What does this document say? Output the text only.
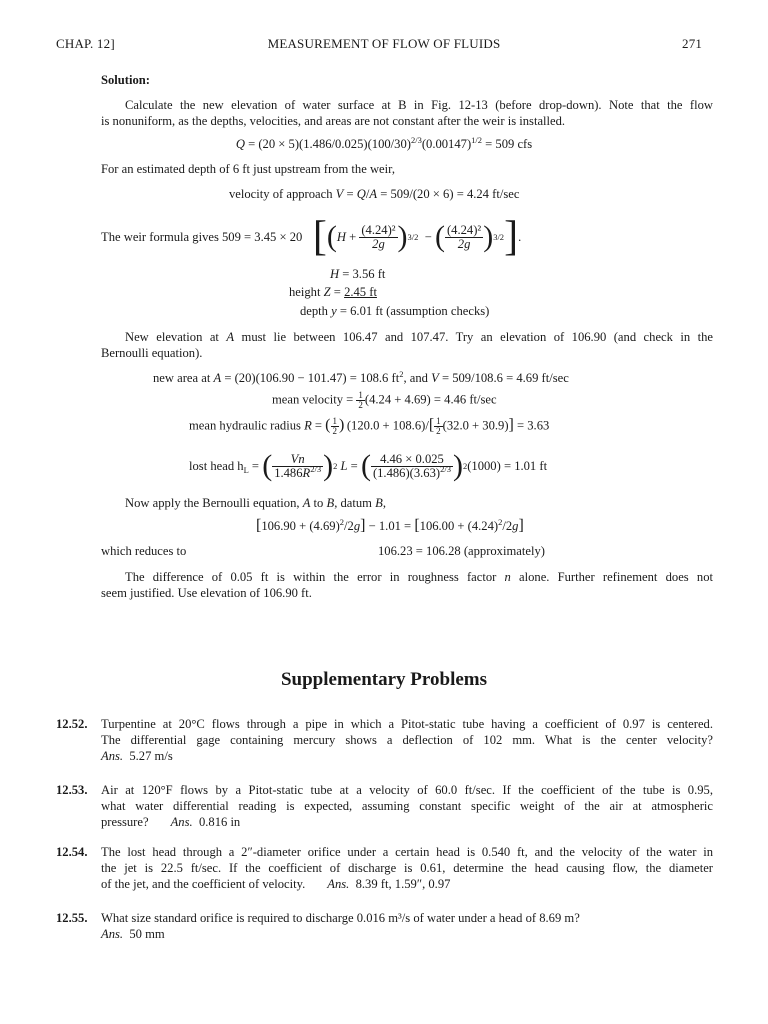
CHAP. 12]	MEASUREMENT OF FLOW OF FLUIDS	271
Solution:
Calculate the new elevation of water surface at B in Fig. 12-13 (before drop-down). Note that the flow
is nonuniform, as the depths, velocities, and areas are not constant after the weir is installed.
$Q = (20 \times 5)(1.486/0.025)(100/30)^{2/3}(0.00147)^{1/2} = 509$ cfs
For an estimated depth of 6 ft just upstream from the weir,
velocity of approach V = Q/A = 509/(20 × 6) = 4.24 ft/sec
The weir formula gives 509 = 3.45 × 20 [ ( $H + \frac{\text{(4.24)²}}{2g}$ ) 3/2 − ( $\frac{\text{(4.24)²}}{2g}$ ) 3/2 ] .
H = 3.56 ft
height Z = 2.45 ft
depth y = 6.01 ft (assumption checks)
New elevation at A must lie between 106.47 and 107.47. Try an elevation of 106.90 (and check in the
Bernoulli equation).
new area at A = (20)(106.90 − 101.47) = 108.6 $ft^2$, and V = 509/108.6 = 4.69 ft/sec
mean velocity = $\frac{1}{2} (4.24 + 4.69) = 4.46$ ft/sec
mean hydraulic radius R = ( $\frac{1}{2}$ )  $(120.0 + 108.6)/[ \frac{1}{2} (32.0 + 30.9)] = 3.63$
lost head $h_L$ = ( $\frac{Vn}{1.486R^{2/3}}$ ) 2 L = ( $\frac{4.46 \times 0.025}{(1.486)(3.63)^{2/3}}$ ) 2 (1000) = 1.01 ft
Now apply the Bernoulli equation, A to B, datum B,
$[106.90 + (4.69)^2/2g] - 1.01 = [106.00 + (4.24)^2/2g]$
which reduces to	106.23 = 106.28 (approximately)
The difference of 0.05 ft is within the error in roughness factor n alone. Further refinement does not
seem justified. Use elevation of 106.90 ft.
Supplementary Problems
12.52. Turpentine at 20°C flows through a pipe in which a Pitot-static tube having a coefficient of 0.97 is centered.
The differential gage containing mercury shows a deflection of 102 mm. What is the center velocity?
Ans. 5.27 m/s
12.53. Air at 120°F flows by a Pitot-static tube at a velocity of 60.0 ft/sec. If the coefficient of the tube is 0.95,
what water differential reading is expected, assuming constant specific weight of the air at atmospheric
pressure? Ans. 0.816 in
12.54. The lost head through a 2″-diameter orifice under a certain head is 0.540 ft, and the velocity of the water in
the jet is 22.5 ft/sec. If the coefficient of discharge is 0.61, determine the head causing flow, the diameter
of the jet, and the coefficient of velocity. Ans. 8.39 ft, 1.59″, 0.97
12.55. What size standard orifice is required to discharge 0.016 m³/s of water under a head of 8.69 m?
Ans. 50 mm
